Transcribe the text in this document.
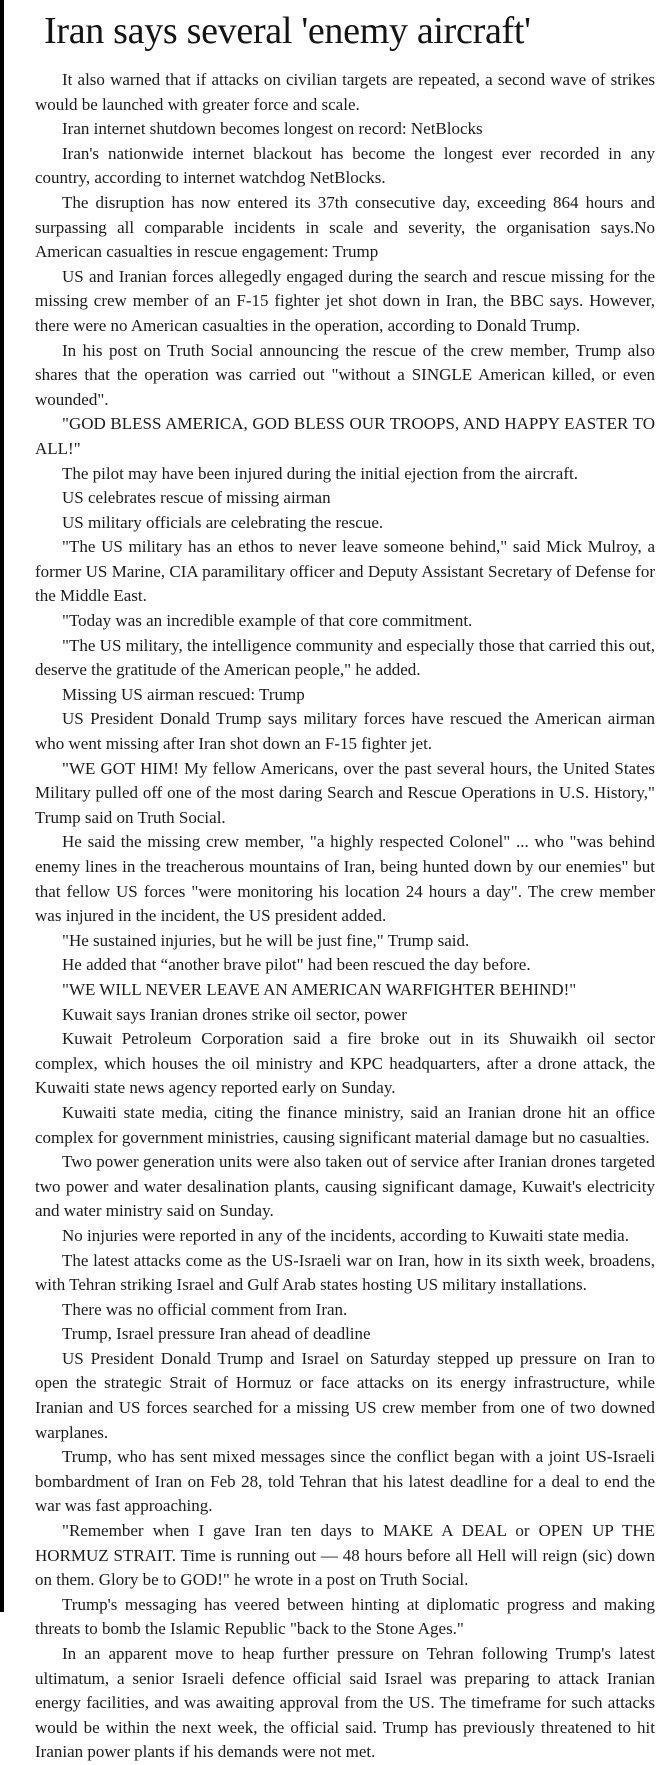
Iran says several 'enemy aircraft'

It also warned that if attacks on civilian targets are repeated, a second wave of strikes would be launched with greater force and scale.

Iran internet shutdown becomes longest on record: NetBlocks

Iran's nationwide internet blackout has become the longest ever recorded in any country, according to internet watchdog NetBlocks.

The disruption has now entered its 37th consecutive day, exceeding 864 hours and surpassing all comparable incidents in scale and severity, the organisation says.No American casualties in rescue engagement: Trump

US and Iranian forces allegedly engaged during the search and rescue missing for the missing crew member of an F-15 fighter jet shot down in Iran, the BBC says. However, there were no American casualties in the operation, according to Donald Trump.

In his post on Truth Social announcing the rescue of the crew member, Trump also shares that the operation was carried out "without a SINGLE American killed, or even wounded".

"GOD BLESS AMERICA, GOD BLESS OUR TROOPS, AND HAPPY EASTER TO ALL!"

The pilot may have been injured during the initial ejection from the aircraft.

US celebrates rescue of missing airman

US military officials are celebrating the rescue.

"The US military has an ethos to never leave someone behind," said Mick Mulroy, a former US Marine, CIA paramilitary officer and Deputy Assistant Secretary of Defense for the Middle East.

"Today was an incredible example of that core commitment.

"The US military, the intelligence community and especially those that carried this out, deserve the gratitude of the American people," he added.

Missing US airman rescued: Trump

US President Donald Trump says military forces have rescued the American airman who went missing after Iran shot down an F-15 fighter jet.

"WE GOT HIM! My fellow Americans, over the past several hours, the United States Military pulled off one of the most daring Search and Rescue Operations in U.S. History," Trump said on Truth Social.

He said the missing crew member, "a highly respected Colonel" ... who "was behind enemy lines in the treacherous mountains of Iran, being hunted down by our enemies" but that fellow US forces "were monitoring his location 24 hours a day". The crew member was injured in the incident, the US president added.

"He sustained injuries, but he will be just fine," Trump said.

He added that “another brave pilot" had been rescued the day before.

"WE WILL NEVER LEAVE AN AMERICAN WARFIGHTER BEHIND!"

Kuwait says Iranian drones strike oil sector, power

Kuwait Petroleum Corporation said a fire broke out in its Shuwaikh oil sector complex, which houses the oil ministry and KPC headquarters, after a drone attack, the Kuwaiti state news agency reported early on Sunday.

Kuwaiti state media, citing the finance ministry, said an Iranian drone hit an office complex for government ministries, causing significant material damage but no casualties.

Two power generation units were also taken out of service after Iranian drones targeted two power and water desalination plants, causing significant damage, Kuwait's electricity and water ministry said on Sunday.

No injuries were reported in any of the incidents, according to Kuwaiti state media.

The latest attacks come as the US-Israeli war on Iran, how in its sixth week, broadens, with Tehran striking Israel and Gulf Arab states hosting US military installations.

There was no official comment from Iran.

Trump, Israel pressure Iran ahead of deadline

US President Donald Trump and Israel on Saturday stepped up pressure on Iran to open the strategic Strait of Hormuz or face attacks on its energy infrastructure, while Iranian and US forces searched for a missing US crew member from one of two downed warplanes.

Trump, who has sent mixed messages since the conflict began with a joint US-Israeli bombardment of Iran on Feb 28, told Tehran that his latest deadline for a deal to end the war was fast approaching.

"Remember when I gave Iran ten days to MAKE A DEAL or OPEN UP THE HORMUZ STRAIT. Time is running out — 48 hours before all Hell will reign (sic) down on them. Glory be to GOD!" he wrote in a post on Truth Social.

Trump's messaging has veered between hinting at diplomatic progress and making threats to bomb the Islamic Republic "back to the Stone Ages."

In an apparent move to heap further pressure on Tehran following Trump's latest ultimatum, a senior Israeli defence official said Israel was preparing to attack Iranian energy facilities, and was awaiting approval from the US. The timeframe for such attacks would be within the next week, the official said. Trump has previously threatened to hit Iranian power plants if his demands were not met.
